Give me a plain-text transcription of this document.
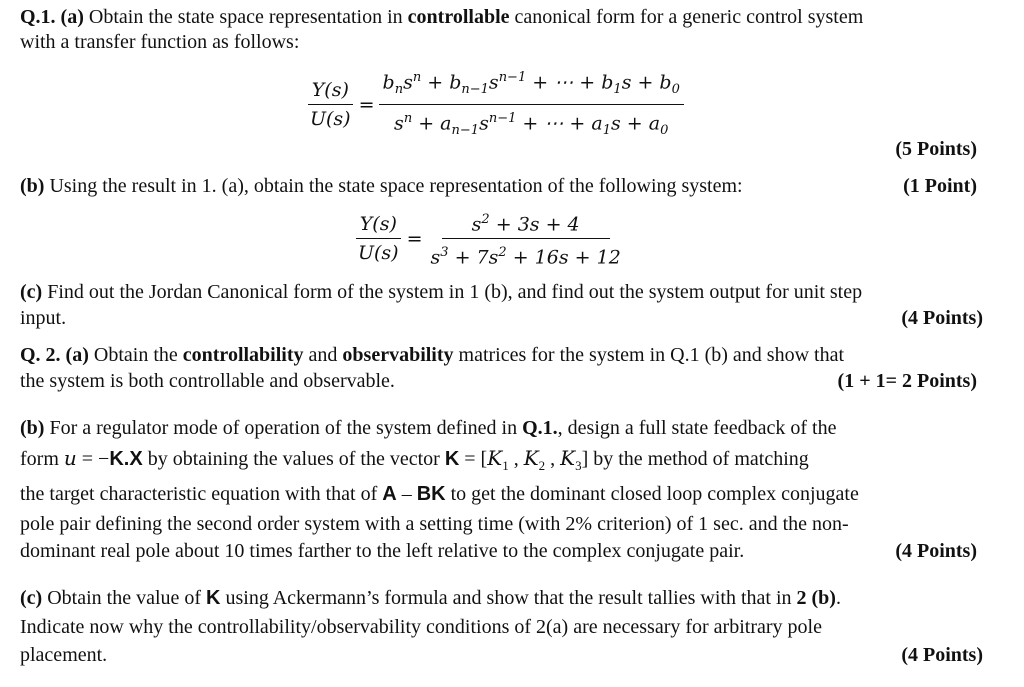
Q.1. (a) Obtain the state space representation in controllable canonical form for a generic control system
with a transfer function as follows:
$\frac{Y(s)}{U(s)}$ =
$b_ns^n + b_{n-1}s^{n-1}$ + ⋯ + $b_1s + b_0$
$s^n + a_{n-1}s^{n-1}$ + ⋯ + $a_1s + a_0$
(5 Points)
(b) Using the result in 1. (a), obtain the state space representation of the following system:	(1 Point)
$\frac{Y(s)}{U(s)} = \frac{s^2 + 3s + 4}{s^3 + 7s^2 + 16s + 12}$
(c) Find out the Jordan Canonical form of the system in 1 (b), and find out the system output for unit step
input.	(4 Points)
Q. 2. (a) Obtain the controllability and observability matrices for the system in Q.1 (b) and show that
the system is both controllable and observable.	(1 + 1= 2 Points)
(b) For a regulator mode of operation of the system defined in Q.1., design a full state feedback of the
form u = −K.X by obtaining the values of the vector $K = [K_1$ , $K_2$ , $K_3$] by the method of matching
the target characteristic equation with that of A – BK to get the dominant closed loop complex conjugate
pole pair defining the second order system with a setting time (with 2% criterion) of 1 sec. and the non-
dominant real pole about 10 times farther to the left relative to the complex conjugate pair.	(4 Points)
(c) Obtain the value of K using Ackermann’s formula and show that the result tallies with that in 2 (b).
Indicate now why the controllability/observability conditions of 2(a) are necessary for arbitrary pole
placement.	(4 Points)
